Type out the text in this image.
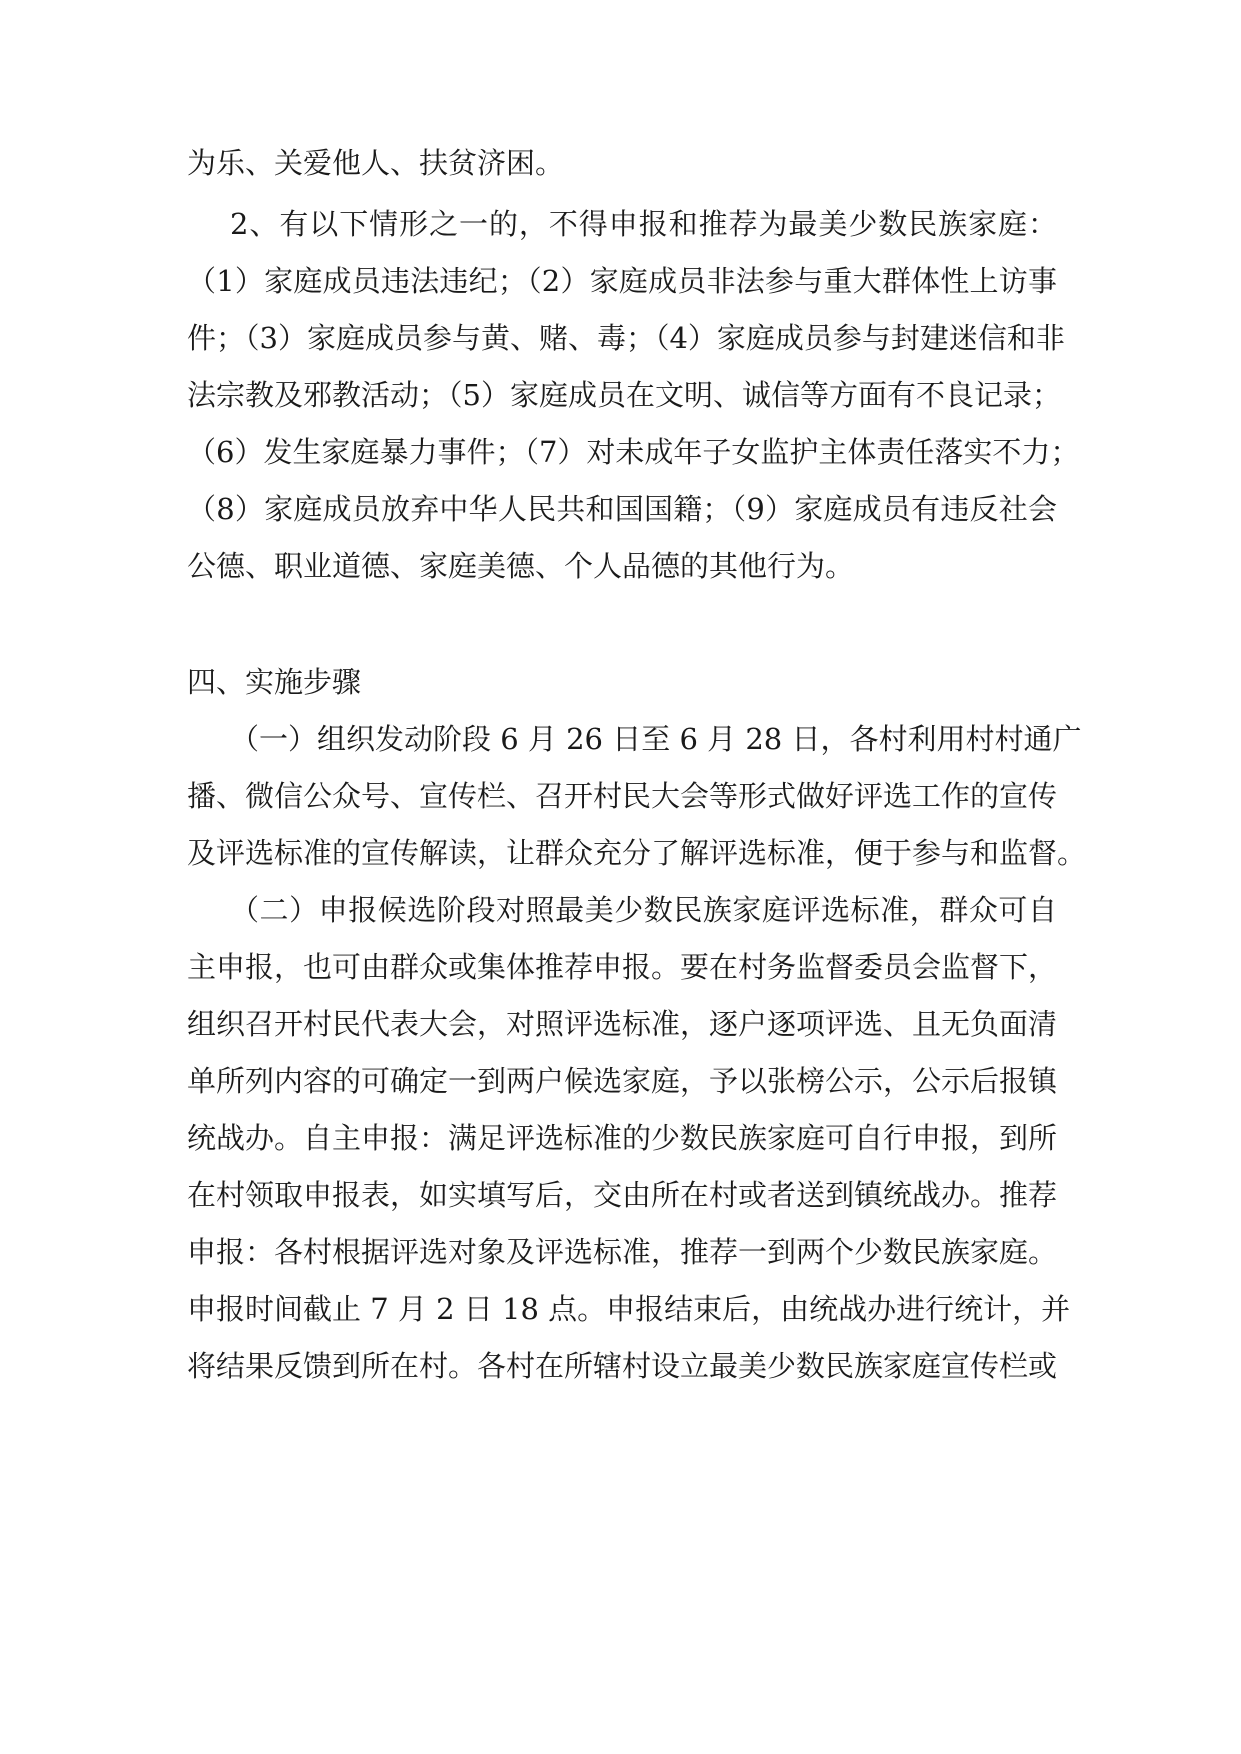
为乐、关爱他人、扶贫济困。
2、有以下情形之一的，不得申报和推荐为最美少数民族家庭：
（1）家庭成员违法违纪；（2）家庭成员非法参与重大群体性上访事
件；（3）家庭成员参与黄、赌、毒；（4）家庭成员参与封建迷信和非
法宗教及邪教活动；（5）家庭成员在文明、诚信等方面有不良记录；
（6）发生家庭暴力事件；（7）对未成年子女监护主体责任落实不力；
（8）家庭成员放弃中华人民共和国国籍；（9）家庭成员有违反社会
公德、职业道德、家庭美德、个人品德的其他行为。
四、实施步骤
（一）组织发动阶段 6 月 26 日至 6 月 28 日，各村利用村村通广
播、微信公众号、宣传栏、召开村民大会等形式做好评选工作的宣传
及评选标准的宣传解读，让群众充分了解评选标准，便于参与和监督。
（二）申报候选阶段对照最美少数民族家庭评选标准，群众可自
主申报，也可由群众或集体推荐申报。要在村务监督委员会监督下，
组织召开村民代表大会，对照评选标准，逐户逐项评选、且无负面清
单所列内容的可确定一到两户候选家庭，予以张榜公示，公示后报镇
统战办。自主申报：满足评选标准的少数民族家庭可自行申报，到所
在村领取申报表，如实填写后，交由所在村或者送到镇统战办。推荐
申报：各村根据评选对象及评选标准，推荐一到两个少数民族家庭。
申报时间截止 7 月 2 日 18 点。申报结束后，由统战办进行统计，并
将结果反馈到所在村。各村在所辖村设立最美少数民族家庭宣传栏或
